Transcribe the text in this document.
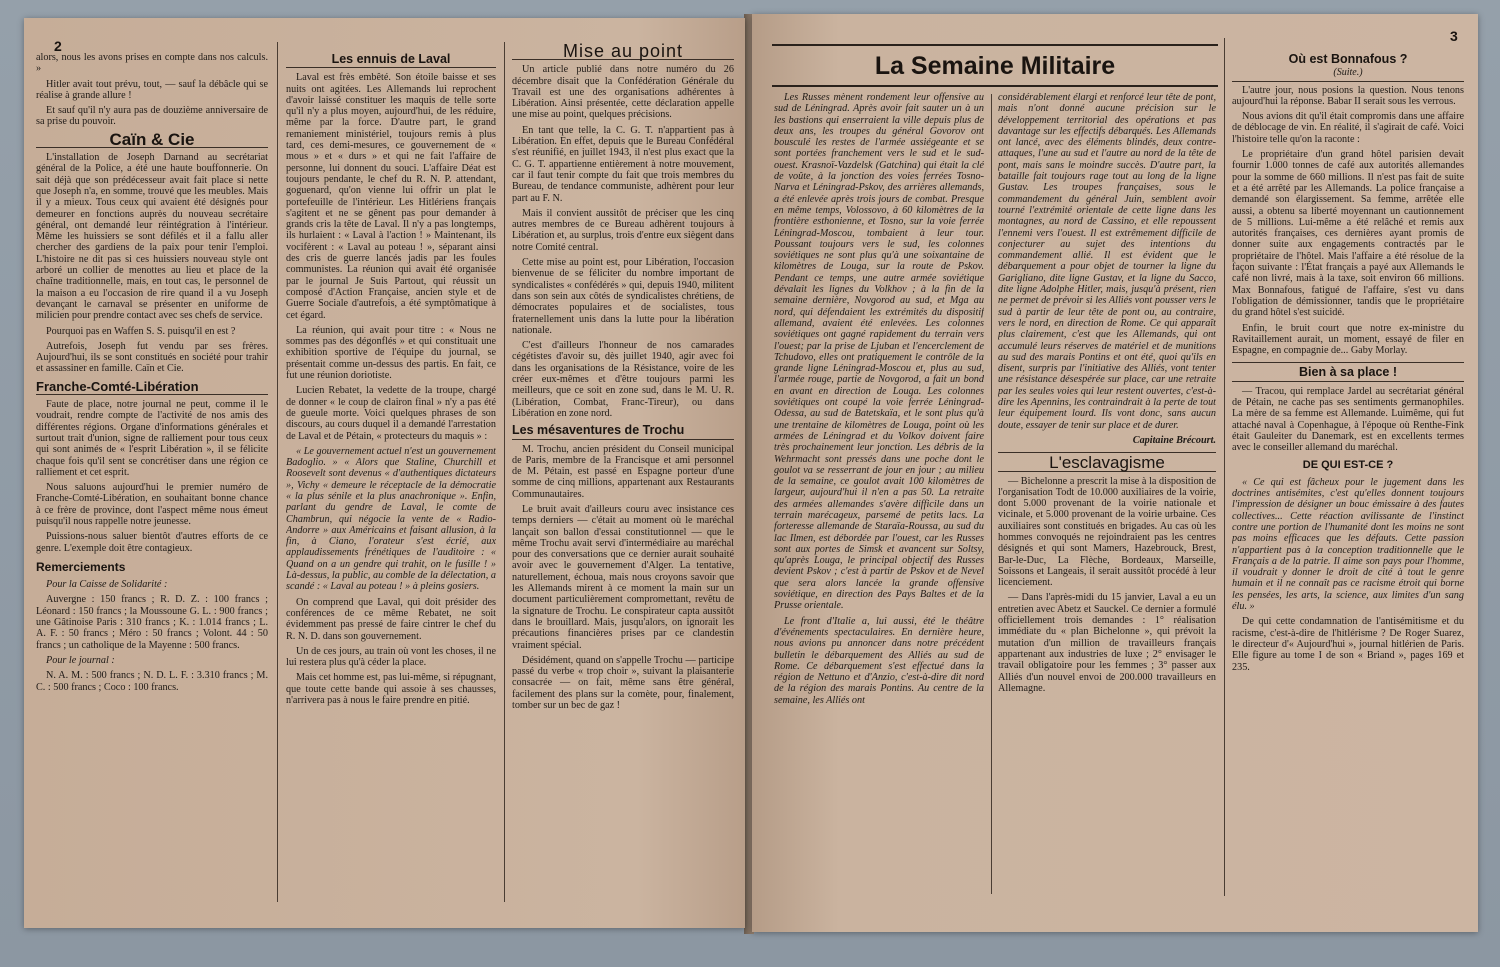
2

alors, nous les avons prises en compte dans nos calculs. »

Hitler avait tout prévu, tout, — sauf la débâcle qui se réalise à grande allure !

Et sauf qu'il n'y aura pas de douzième anniversaire de sa prise du pouvoir.

Caïn & Cie

L'installation de Joseph Darnand au secrétariat général de la Police, a été une haute bouffonnerie. On sait déjà que son prédécesseur avait fait place si nette que Joseph n'a, en somme, trouvé que les meubles. Mais il y a mieux. Tous ceux qui avaient été désignés pour demeurer en fonctions auprès du nouveau secrétaire général, ont demandé leur réintégration à l'intérieur. Même les huissiers se sont défilés et il a fallu aller chercher des gardiens de la paix pour tenir l'emploi. L'histoire ne dit pas si ces huissiers nouveau style ont arboré un collier de menottes au lieu et place de la chaîne traditionnelle, mais, en tout cas, le personnel de la maison a eu l'occasion de rire quand il a vu Joseph devançant le carnaval se présenter en uniforme de milicien pour prendre contact avec ses chefs de service.

Pourquoi pas en Waffen S. S. puisqu'il en est ?

Autrefois, Joseph fut vendu par ses frères. Aujourd'hui, ils se sont constitués en société pour trahir et assassiner en famille. Caïn et Cie.

Franche-Comté-Libération

Faute de place, notre journal ne peut, comme il le voudrait, rendre compte de l'activité de nos amis des différentes régions. Organe d'informations générales et surtout trait d'union, signe de ralliement pour tous ceux qui sont animés de « l'esprit Libération », il se félicite chaque fois qu'il sent se concrétiser dans une région ce ralliement et cet esprit.

Nous saluons aujourd'hui le premier numéro de Franche-Comté-Libération, en souhaitant bonne chance à ce frère de province, dont l'aspect même nous émeut puisqu'il nous rappelle notre jeunesse.

Puissions-nous saluer bientôt d'autres efforts de ce genre. L'exemple doit être contagieux.

Remerciements

Pour la Caisse de Solidarité :

Auvergne : 150 francs ; R. D. Z. : 100 francs ; Léonard : 150 francs ; la Moussoune G. L. : 900 francs ; une Gâtinoise Paris : 310 francs ; K. : 1.014 francs ; L. A. F. : 50 francs ; Méro : 50 francs ; Volont. 44 : 50 francs ; un catholique de la Mayenne : 500 francs.

Pour le journal :

N. A. M. : 500 francs ; N. D. L. F. : 3.310 francs ; M. C. : 500 francs ; Coco : 100 francs.

Les ennuis de Laval

Laval est frès embêté. Son étoile baisse et ses nuits ont agitées. Les Allemands lui reprochent d'avoir laissé constituer les maquis de telle sorte qu'il n'y a plus moyen, aujourd'hui, de les réduire, même par la force. D'autre part, le grand remaniement ministériel, toujours remis à plus tard, ces demi-mesures, ce gouvernement de « mous » et « durs » et qui ne fait l'affaire de personne, lui donnent du souci. L'affaire Déat est toujours pendante, le chef du R. N. P. attendant, goguenard, qu'on vienne lui offrir un plat le portefeuille de l'intérieur. Les Hitlériens français s'agitent et ne se gênent pas pour demander à grands cris la tête de Laval. Il n'y a pas longtemps, ils hurlaient : « Laval à l'action ! » Maintenant, ils vocifèrent : « Laval au poteau ! », séparant ainsi des cris de guerre lancés jadis par les foules communistes. La réunion qui avait été organisée par le journal Je Suis Partout, qui réussit un composé d'Action Française, ancien style et de Guerre Sociale d'autrefois, a été symptômatique à cet égard.

La réunion, qui avait pour titre : « Nous ne sommes pas des dégonflés » et qui constituait une exhibition sportive de l'équipe du journal, se présentait comme un-dessus des partis. En fait, ce fut une réunion doriotiste.

Lucien Rebatet, la vedette de la troupe, chargé de donner « le coup de clairon final » n'y a pas été de gueule morte. Voici quelques phrases de son discours, au cours duquel il a demandé l'arrestation de Laval et de Pétain, « protecteurs du maquis » :

« Le gouvernement actuel n'est un gouvernement Badoglio. » « Alors que Staline, Churchill et Roosevelt sont devenus « d'authentiques dictateurs », Vichy « demeure le réceptacle de la démocratie « la plus sénile et la plus anachronique ». Enfin, parlant du gendre de Laval, le comte de Chambrun, qui négocie la vente de « Radio-Andorre » aux Américains et faisant allusion, à la fin, à Ciano, l'orateur s'est écrié, aux applaudissements frénétiques de l'auditoire : « Quand on a un gendre qui trahit, on le fusille ! » Là-dessus, la public, au comble de la délectation, a scandé : « Laval au poteau ! » à pleins gosiers.

On comprend que Laval, qui doit présider des conférences de ce même Rebatet, ne soit évidemment pas pressé de faire cintrer le chef du R. N. D. dans son gouvernement.

Un de ces jours, au train où vont les choses, il ne lui restera plus qu'à céder la place.

Mais cet homme est, pas lui-même, si répugnant, que toute cette bande qui assoie à ses chausses, n'arrivera pas à nous le faire prendre en pitié.

Mise au point

Un article publié dans notre numéro du 26 décembre disait que la Confédération Générale du Travail est une des organisations adhérentes à Libération. Ainsi présentée, cette déclaration appelle une mise au point, quelques précisions.

En tant que telle, la C. G. T. n'appartient pas à Libération. En effet, depuis que le Bureau Confédéral s'est réunifié, en juillet 1943, il n'est plus exact que la C. G. T. appartienne entièrement à notre mouvement, car il faut tenir compte du fait que trois membres du Bureau, de tendance communiste, adhèrent pour leur part au F. N.

Mais il convient aussitôt de préciser que les cinq autres membres de ce Bureau adhèrent toujours à Libération et, au surplus, trois d'entre eux siègent dans notre Comité central.

Cette mise au point est, pour Libération, l'occasion bienvenue de se féliciter du nombre important de syndicalistes « confédérés » qui, depuis 1940, militent dans son sein aux côtés de syndicalistes chrétiens, de démocrates populaires et de socialistes, tous fraternellement unis dans la lutte pour la libération nationale.

C'est d'ailleurs l'honneur de nos camarades cégétistes d'avoir su, dès juillet 1940, agir avec foi dans les organisations de la Résistance, voire de les créer eux-mêmes et d'être toujours parmi les meilleurs, que ce soit en zone sud, dans le M. U. R. (Libération, Combat, Franc-Tireur), ou dans Libération en zone nord.

Les mésaventures de Trochu

M. Trochu, ancien président du Conseil municipal de Paris, membre de la Francisque et ami personnel de M. Pétain, est passé en Espagne porteur d'une somme de cinq millions, appartenant aux Restaurants Communautaires.

Le bruit avait d'ailleurs couru avec insistance ces temps derniers — c'était au moment où le maréchal lançait son ballon d'essai constitutionnel — que le même Trochu avait servi d'intermédiaire au maréchal pour des conversations que ce dernier aurait souhaité avoir avec le gouvernement d'Alger. La tentative, naturellement, échoua, mais nous croyons savoir que les Allemands mirent à ce moment la main sur un document particulièrement compromettant, revêtu de la signature de Trochu. Le conspirateur capta aussitôt dans le brouillard. Mais, jusqu'alors, on ignorait les précautions financières prises par ce clandestin vraiment spécial.

Désidément, quand on s'appelle Trochu — participe passé du verbe « trop choir », suivant la plaisanterie consacrée — on fait, même sans être général, facilement des plans sur la comète, pour, finalement, tomber sur un bec de gaz !

3
La Semaine Militaire

Les Russes mènent rondement leur offensive au sud de Léningrad. Après avoir fait sauter un à un les bastions qui enserraient la ville depuis plus de deux ans, les troupes du général Govorov ont bousculé les restes de l'armée assiégeante et se sont portées franchement vers le sud et le sud-ouest. Krasnoï-Vazdelsk (Gatchina) qui était la clé de voûte, à la jonction des voies ferrées Tosno-Narva et Léningrad-Pskov, des arrières allemands, a été enlevée après trois jours de combat. Presque en même temps, Volossovo, à 60 kilomètres de la frontière esthonienne, et Tosno, sur la voie ferrée Léningrad-Moscou, tombaient à leur tour. Poussant toujours vers le sud, les colonnes soviétiques ne sont plus qu'à une soixantaine de kilomètres de Louga, sur la route de Pskov. Pendant ce temps, une autre armée soviétique dévalait les lignes du Volkhov ; à la fin de la semaine dernière, Novgorod au sud, et Mga au nord, qui défendaient les extrémités du dispositif allemand, avaient été enlevées. Les colonnes soviétiques ont gagné rapidement du terrain vers l'ouest; par la prise de Ljuban et l'encerclement de Tchudovo, elles ont pratiquement le contrôle de la grande ligne Léningrad-Moscou et, plus au sud, l'armée rouge, partie de Novgorod, a fait un bond en avant en direction de Louga. Les colonnes soviétiques ont coupé la voie ferrée Léningrad-Odessa, au sud de Batetskaïa, et le sont plus qu'à une trentaine de kilomètres de Louga, point où les armées de Léningrad et du Volkov doivent faire très prochainement leur jonction. Les débris de la Wehrmacht sont pressés dans une poche dont le goulot va se resserrant de jour en jour ; au milieu de la semaine, ce goulot avait 100 kilomètres de largeur, aujourd'hui il n'en a pas 50. La retraite des armées allemandes s'avère difficile dans un terrain marécageux, parsemé de petits lacs. La forteresse allemande de Staraïa-Roussa, au sud du lac Ilmen, est débordée par l'ouest, car les Russes sont aux portes de Simsk et avancent sur Soltsy, qu'après Louga, le principal objectif des Russes devient Pskov ; c'est à partir de Pskov et de Nevel que sera alors lancée la grande offensive soviétique, en direction des Pays Baltes et de la Prusse orientale.

Le front d'Italie a, lui aussi, été le théâtre d'événements spectaculaires. En dernière heure, nous avions pu annoncer dans notre précédent bulletin le débarquement des Alliés au sud de Rome. Ce débarquement s'est effectué dans la région de Nettuno et d'Anzio, c'est-à-dire dit nord de la région des marais Pontins. Au centre de la semaine, les Alliés ont

considérablement élargi et renforcé leur tête de pont, mais n'ont donné aucune précision sur le développement territorial des opérations et pas davantage sur les effectifs débarqués. Les Allemands ont lancé, avec des éléments blindés, deux contre-attaques, l'une au sud et l'autre au nord de la tête de pont, mais sans le moindre succès. D'autre part, la bataille fait toujours rage tout au long de la ligne Gustav. Les troupes françaises, sous le commandement du général Juin, semblent avoir tourné l'extrémité orientale de cette ligne dans les montagnes, au nord de Cassino, et elle repoussent l'ennemi vers l'ouest. Il est extrêmement difficile de conjecturer au sujet des intentions du commandement allié. Il est évident que le débarquement a pour objet de tourner la ligne du Garigliano, dite ligne Gustav, et la ligne du Sacco, dite ligne Adolphe Hitler, mais, jusqu'à présent, rien ne permet de prévoir si les Alliés vont pousser vers le sud à partir de leur tête de pont ou, au contraire, vers le nord, en direction de Rome. Ce qui apparaît plus clairement, c'est que les Allemands, qui ont accumulé leurs réserves de matériel et de munitions au sud des marais Pontins et ont été, quoi qu'ils en disent, surpris par l'initiative des Alliés, vont tenter une résistance désespérée sur place, car une retraite par les seules voies qui leur restent ouvertes, c'est-à-dire les Apennins, les contraindrait à la perte de tout leur équipement lourd. Ils vont donc, sans aucun doute, essayer de tenir sur place et de durer.

Capitaine Brécourt.

L'esclavagisme

— Bichelonne a prescrit la mise à la disposition de l'organisation Todt de 10.000 auxiliaires de la voirie, dont 5.000 provenant de la voirie nationale et vicinale, et 5.000 provenant de la voirie urbaine. Ces auxiliaires sont constitués en brigades. Au cas où les hommes convoqués ne rejoindraient pas les centres désignés et qui sont Mamers, Hazebrouck, Brest, Bar-le-Duc, La Flèche, Bordeaux, Marseille, Soissons et Langeais, il serait aussitôt procédé à leur licenciement.

— Dans l'après-midi du 15 janvier, Laval a eu un entretien avec Abetz et Sauckel. Ce dernier a formulé officiellement trois demandes : 1° réalisation immédiate du « plan Bichelonne », qui prévoit la mutation d'un million de travailleurs français appartenant aux industries de luxe ; 2° envisager le travail obligatoire pour les femmes ; 3° passer aux Alliés d'un nouvel envoi de 200.000 travailleurs en Allemagne.

Où est Bonnafous ?
(Suite.)

L'autre jour, nous posions la question. Nous tenons aujourd'hui la réponse. Babar II serait sous les verrous.

Nous avions dit qu'il était compromis dans une affaire de déblocage de vin. En réalité, il s'agirait de café. Voici l'histoire telle qu'on la raconte :

Le propriétaire d'un grand hôtel parisien devait fournir 1.000 tonnes de café aux autorités allemandes pour la somme de 660 millions. Il n'est pas fait de suite et a été arrêté par les Allemands. La police française a demandé son élargissement. Sa femme, arrêtée elle aussi, a obtenu sa liberté moyennant un cautionnement de 5 millions. Lui-même a été relâché et remis aux autorités françaises, ces dernières ayant promis de donner suite aux engagements contractés par le propriétaire de l'hôtel. Mais l'affaire a été résolue de la façon suivante : l'État français a payé aux Allemands le café non livré, mais à la taxe, soit environ 66 millions. Max Bonnafous, fatigué de l'affaire, s'est vu dans l'obligation de démissionner, tandis que le propriétaire du grand hôtel s'est suicidé.

Enfin, le bruit court que notre ex-ministre du Ravitaillement aurait, un moment, essayé de filer en Espagne, en compagnie de... Gaby Morlay.

Bien à sa place !

— Tracou, qui remplace Jardel au secrétariat général de Pétain, ne cache pas ses sentiments germanophiles. La mère de sa femme est Allemande. Luimême, qui fut attaché naval à Copenhague, à l'époque où Renthe-Fink était Gauleiter du Danemark, est en excellents termes avec le conseiller allemand du maréchal.

DE QUI EST-CE ?

« Ce qui est fâcheux pour le jugement dans les doctrines antisémites, c'est qu'elles donnent toujours l'impression de désigner un bouc émissaire à des fautes collectives... Cette réaction avilissante de l'instinct contre une portion de l'humanité dont les moins ne sont pas moins efficaces que les défauts. Cette passion n'appartient pas à la conception traditionnelle que le Français a de la patrie. Il aime son pays pour l'homme, il voudrait y donner le droit de cité à tout le genre humain et il ne connaît pas ce racisme étroit qui borne les pensées, les arts, la science, aux limites d'un sang élu. »

De qui cette condamnation de l'antisémitisme et du racisme, c'est-à-dire de l'hitlérisme ? De Roger Suarez, le directeur d'« Aujourd'hui », journal hitlérien de Paris. Elle figure au tome I de son « Briand », pages 169 et 235.
